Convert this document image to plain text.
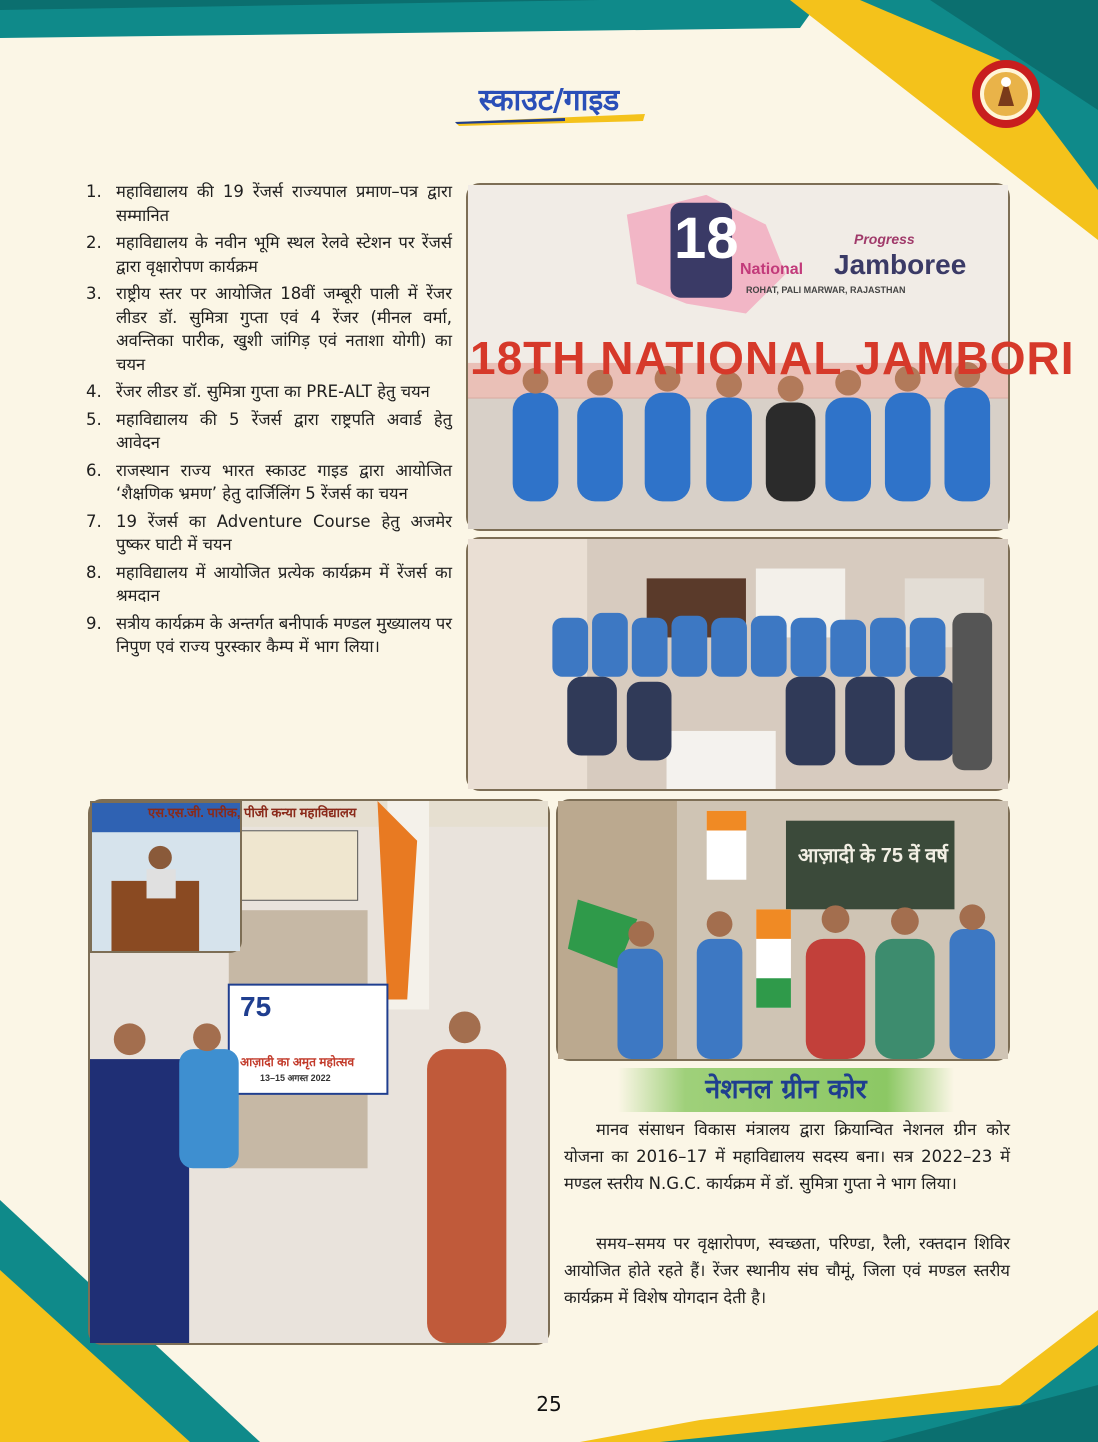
स्काउट/गाइड
1. महाविद्यालय की 19 रेंजर्स राज्यपाल प्रमाण–पत्र द्वारा सम्मानित
2. महाविद्यालय के नवीन भूमि स्थल रेलवे स्टेशन पर रेंजर्स द्वारा वृक्षारोपण कार्यक्रम
3. राष्ट्रीय स्तर पर आयोजित 18वीं जम्बूरी पाली में रेंजर लीडर डॉ. सुमित्रा गुप्ता एवं 4 रेंजर (मीनल वर्मा, अवन्तिका पारीक, खुशी जांगिड़ एवं नताशा योगी) का चयन
4. रेंजर लीडर डॉ. सुमित्रा गुप्ता का PRE-ALT हेतु चयन
5. महाविद्यालय की 5 रेंजर्स द्वारा राष्ट्रपति अवार्ड हेतु आवेदन
6. राजस्थान राज्य भारत स्काउट गाइड द्वारा आयोजित ‘शैक्षणिक भ्रमण’ हेतु दार्जिलिंग 5 रेंजर्स का चयन
7. 19 रेंजर्स का Adventure Course हेतु अजमेर पुष्कर घाटी में चयन
8. महाविद्यालय में आयोजित प्रत्येक कार्यक्रम में रेंजर्स का श्रमदान
9. सत्रीय कार्यक्रम के अन्तर्गत बनीपार्क मण्डल मुख्यालय पर निपुण एवं राज्य पुरस्कार कैम्प में भाग लिया।
18	Progress
National Jamboree
ROHAT, PALI MARWAR, RAJASTHAN
18TH NATIONAL JAMBORI
एस.एस.जी. पारीक, पीजी कन्या महाविद्यालय
75
आज़ादी का अमृत महोत्सव
13–15 अगस्त 2022
आज़ादी के 75 वें वर्ष
नेशनल ग्रीन कोर

मानव संसाधन विकास मंत्रालय द्वारा क्रियान्वित नेशनल ग्रीन कोर योजना का 2016–17 में महाविद्यालय सदस्य बना। सत्र 2022–23 में मण्डल स्तरीय N.G.C. कार्यक्रम में डॉ. सुमित्रा गुप्ता ने भाग लिया।

समय–समय पर वृक्षारोपण, स्वच्छता, परिण्डा, रैली, रक्तदान शिविर आयोजित होते रहते हैं। रेंजर स्थानीय संघ चौमूं, जिला एवं मण्डल स्तरीय कार्यक्रम में विशेष योगदान देती है।

25
